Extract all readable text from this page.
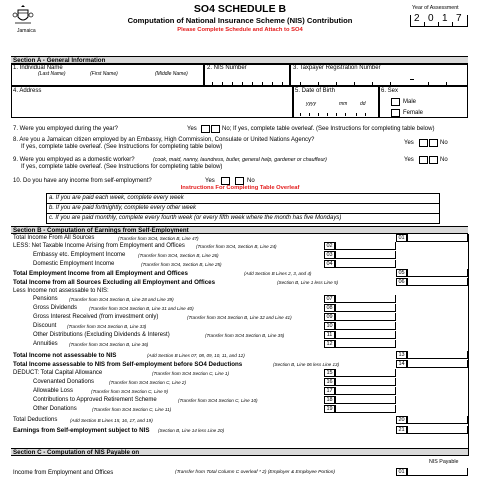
Jamaica
SO4 SCHEDULE B
Computation of National Insurance Scheme (NIS) Contribution
Please Complete Schedule and Attach to SO4
Year of Assessment
2 0 1 7
Section A - General Information
1. Individual Name
(Last Name)	(First Name)	(Middle Name)
2. NIS Number	3. Taxpayer Registration Number
4. Address	5. Date of Birth
yyyy	mm	dd
6. Sex
Male
Female
7. Were you employed during the year?	Yes	No; If yes, complete table overleaf. (See Instructions for completing table below)
8. Are you a Jamaican citizen employed by an Embassy, High Commission, Consulate or United Nations Agency?
If yes, complete table overleaf. (See Instructions for completing table below)
Yes	No
9. Were you employed as a domestic worker?	(cook, maid, nanny, laundress, butler, general help, gardener or chauffeur)
If yes, complete table overleaf. (See Instructions for completing table below)
Yes	No
10. Do you have any income from self-employment?	Yes	No
Instructions For Completing Table Overleaf
a. If you are paid each week, complete every week
b. If you are paid fortnightly, complete every other week
c. If you are paid monthly, complete every fourth week (or every fifth week where the month has five Mondays)
Section B - Computation of Earnings from Self-Employment
Total Income From All Sources	(Transfer from SO4, Section B, Line 47)	01
LESS: Net Taxable Income Arising from Employment and Offices (Transfer from SO4, Section B, Line 24)	02
Embassy etc. Employment Income	(Transfer from SO4, Section B, Line 26)	03
Domestic Employment Income	(Transfer from SO4, Section B, Line 25)	04
Total Employment Income from all Employment and Offices	(Add Section B Lines 2, 3, and 4)	05
Total Income from all Sources Excluding all Employment and Offices	(Section B, Line 1 less Line 5)	06
Less Income not assessable to NIS:
Pensions (Transfer from SO4 Section B, Line 28 and Line 39)	07
Gross Dividends	(Transfer from SO4 Section B, Line 31 and Line 40)	08
Gross Interest Received (from investment only)	(Transfer from SO4 Section B, Line 32 and Line 41)	09
Discount (Transfer from SO4 Section B, Line 33)	10
Other Distributions (Excluding Dividends & Interest)	(Transfer from SO4 Section B, Line 35)	11
Annuities (Transfer from SO4 Section B, Line 36)	12
Total Income not assessable to NIS	(Add Section B Lines 07, 08, 09, 10, 11, and 12)	13
Total Income assessable to NIS from Self-employment before SO4 Deductions	(Section B, Line 06 less Line 13)	14
DEDUCT: Total Capital Allowance	(Transfer from SO4 Section C, Line 1)	15
Covenanted Donations	(Transfer from SO4 Section C, Line 2)	16
Allowable Loss	(Transfer from SO4 Section C, Line 9)	17
Contributions to Approved Retirement Scheme	(Transfer from SO4 Section C, Line 10)	18
Other Donations	(Transfer from SO4 Section C, Line 11)	19
Total Deductions	(Add Section B Lines 15, 16, 17, and 19)	20
Earnings from Self-employment subject to NIS (Section B, Line 14 less Line 20)	21
Section C - Computation of NIS Payable on
NIS Payable
Income from Employment and Offices	(Transfer from Total Column C overleaf * 2) (Employer & Employee Portion)	01
